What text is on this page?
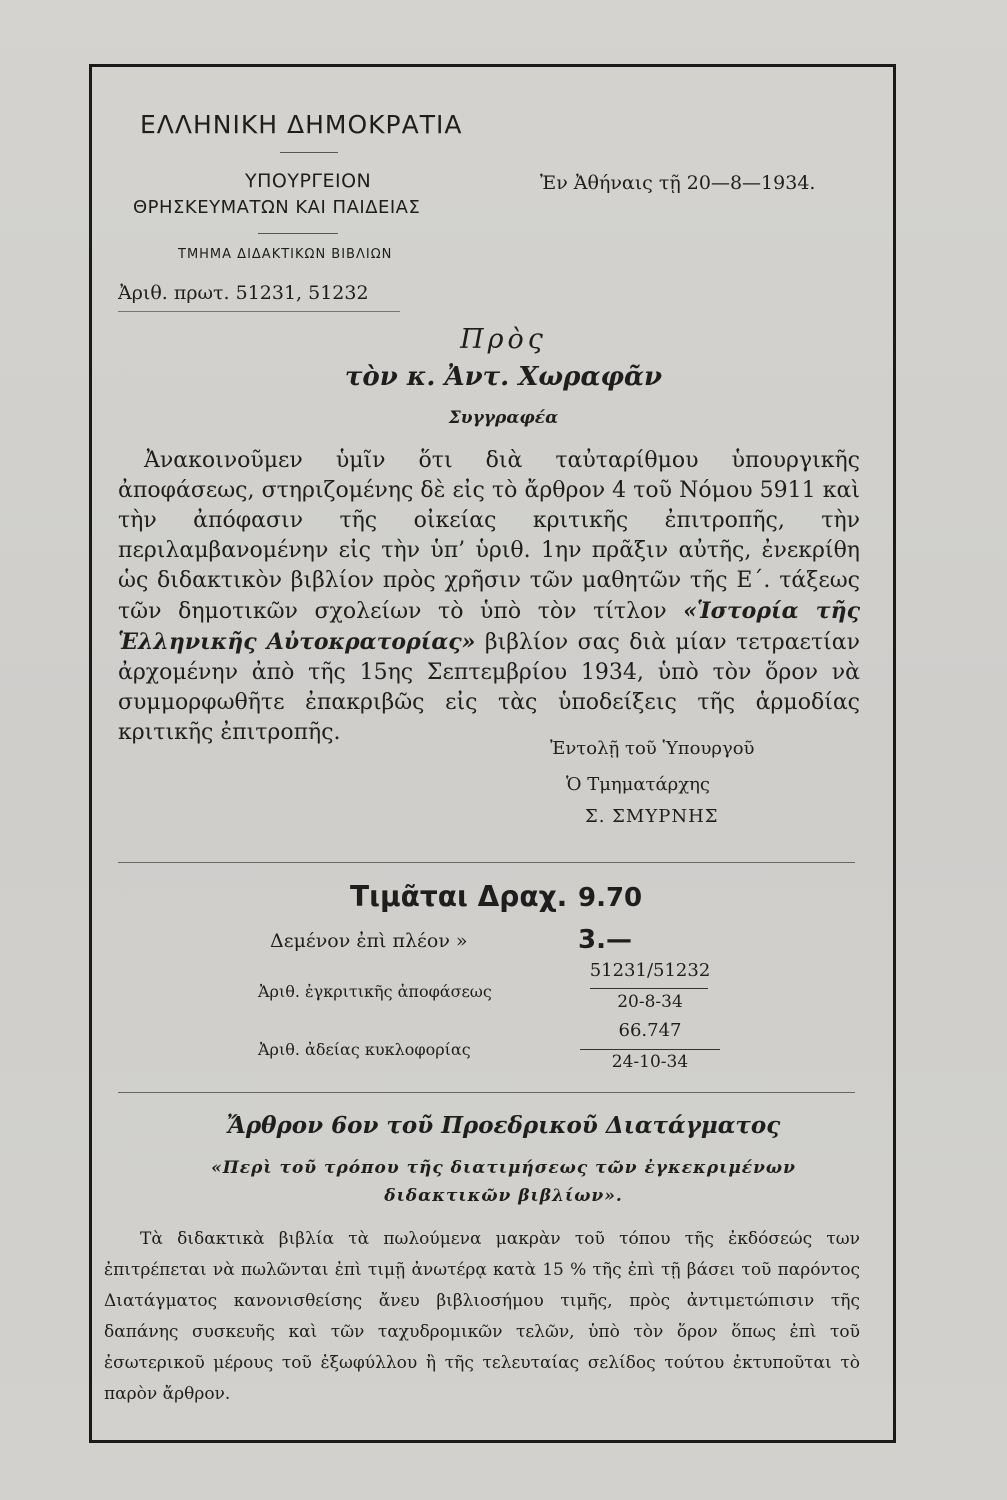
ΕΛΛΗΝΙΚΗ ΔΗΜΟΚΡΑΤΙΑ
ΥΠΟΥΡΓΕΙΟΝ
ΘΡΗΣΚΕΥΜΑΤΩΝ ΚΑΙ ΠΑΙΔΕΙΑΣ
Ἐν Ἀθήναις τῇ 20—8—1934.
ΤΜΗΜΑ ΔΙΔΑΚΤΙΚΩΝ ΒΙΒΛΙΩΝ
Ἀριθ. πρωτ. 51231, 51232
Πρὸς
τὸν κ. Ἀντ. Χωραφᾶν
Συγγραφέα
Ἀνακοινοῦμεν ὑμῖν ὅτι διὰ ταὐταρίθμου ὑπουργικῆς ἀποφάσεως, στηριζομένης δὲ εἰς τὸ ἄρθρον 4 τοῦ Νόμου 5911 καὶ τὴν ἀπόφασιν τῆς οἰκείας κριτικῆς ἐπιτροπῆς, τὴν περιλαμβανομένην εἰς τὴν ὑπ’ ὑριθ. 1ην πρᾶξιν αὐτῆς, ἐνεκρίθη ὡς διδακτικὸν βιβλίον πρὸς χρῆσιν τῶν μαθητῶν τῆς Ε΄. τάξεως τῶν δημοτικῶν σχολείων τὸ ὑπὸ τὸν τίτλον «Ἱστορία τῆς Ἑλληνικῆς Αὐτοκρατορίας» βιβλίον σας διὰ μίαν τετραετίαν ἀρχομένην ἀπὸ τῆς 15ης Σεπτεμβρίου 1934, ὑπὸ τὸν ὅρον νὰ συμμορφωθῆτε ἐπακριβῶς εἰς τὰς ὑποδείξεις τῆς ἁρμοδίας κριτικῆς ἐπιτροπῆς.
Ἐντολῇ τοῦ Ὑπουργοῦ
Ὁ Τμηματάρχης
Σ. ΣΜΥΡΝΗΣ
Τιμᾶται Δραχ. 9.70
Δεμένον ἐπὶ πλέον »	3.—
Ἀριθ. ἐγκριτικῆς ἀποφάσεως
51231/51232
20-8-34
Ἀριθ. ἀδείας κυκλοφορίας
66.747
24-10-34
Ἄρθρον 6ον τοῦ Προεδρικοῦ Διατάγματος
«Περὶ τοῦ τρόπου τῆς διατιμήσεως τῶν ἐγκεκριμένων
διδακτικῶν βιβλίων».
Τὰ διδακτικὰ βιβλία τὰ πωλούμενα μακρὰν τοῦ τόπου τῆς ἐκδόσεώς των ἐπιτρέπεται νὰ πωλῶνται ἐπὶ τιμῇ ἀνωτέρᾳ κατὰ 15 % τῆς ἐπὶ τῇ βάσει τοῦ παρόντος Διατάγματος κανονισθείσης ἄνευ βιβλιοσήμου τιμῆς, πρὸς ἀντιμετώπισιν τῆς δαπάνης συσκευῆς καὶ τῶν ταχυδρομικῶν τελῶν, ὑπὸ τὸν ὅρον ὅπως ἐπὶ τοῦ ἐσωτερικοῦ μέρους τοῦ ἐξωφύλλου ἢ τῆς τελευταίας σελίδος τούτου ἐκτυποῦται τὸ παρὸν ἄρθρον.
